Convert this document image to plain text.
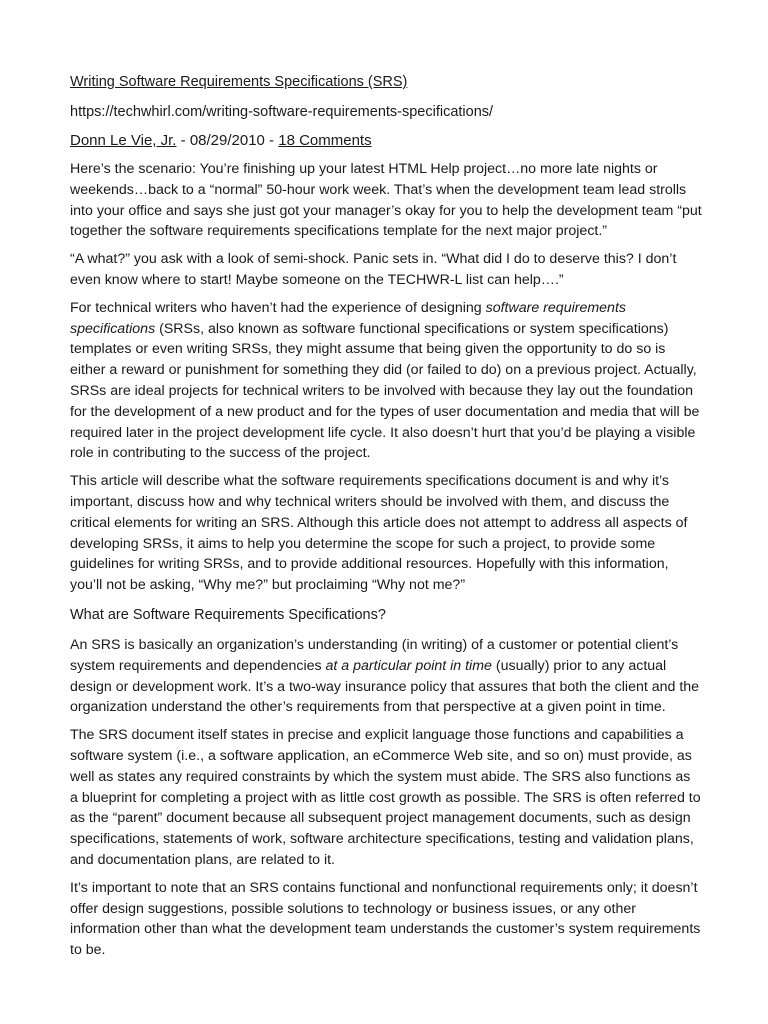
Writing Software Requirements Specifications (SRS)
https://techwhirl.com/writing-software-requirements-specifications/
Donn Le Vie, Jr. - 08/29/2010 - 18 Comments

Here’s the scenario: You’re finishing up your latest HTML Help project…no more late nights or weekends…back to a “normal” 50-hour work week. That’s when the development team lead strolls into your office and says she just got your manager’s okay for you to help the development team “put together the software requirements specifications template for the next major project.”

“A what?” you ask with a look of semi-shock. Panic sets in. “What did I do to deserve this? I don’t even know where to start! Maybe someone on the TECHWR-L list can help….”

For technical writers who haven’t had the experience of designing software requirements specifications (SRSs, also known as software functional specifications or system specifications) templates or even writing SRSs, they might assume that being given the opportunity to do so is either a reward or punishment for something they did (or failed to do) on a previous project. Actually, SRSs are ideal projects for technical writers to be involved with because they lay out the foundation for the development of a new product and for the types of user documentation and media that will be required later in the project development life cycle. It also doesn’t hurt that you’d be playing a visible role in contributing to the success of the project.

This article will describe what the software requirements specifications document is and why it’s important, discuss how and why technical writers should be involved with them, and discuss the critical elements for writing an SRS. Although this article does not attempt to address all aspects of developing SRSs, it aims to help you determine the scope for such a project, to provide some guidelines for writing SRSs, and to provide additional resources. Hopefully with this information, you’ll not be asking, “Why me?” but proclaiming “Why not me?”

What are Software Requirements Specifications?

An SRS is basically an organization’s understanding (in writing) of a customer or potential client’s system requirements and dependencies at a particular point in time (usually) prior to any actual design or development work. It’s a two-way insurance policy that assures that both the client and the organization understand the other’s requirements from that perspective at a given point in time.

The SRS document itself states in precise and explicit language those functions and capabilities a software system (i.e., a software application, an eCommerce Web site, and so on) must provide, as well as states any required constraints by which the system must abide. The SRS also functions as a blueprint for completing a project with as little cost growth as possible. The SRS is often referred to as the “parent” document because all subsequent project management documents, such as design specifications, statements of work, software architecture specifications, testing and validation plans, and documentation plans, are related to it.

It’s important to note that an SRS contains functional and nonfunctional requirements only; it doesn’t offer design suggestions, possible solutions to technology or business issues, or any other information other than what the development team understands the customer’s system requirements to be.
